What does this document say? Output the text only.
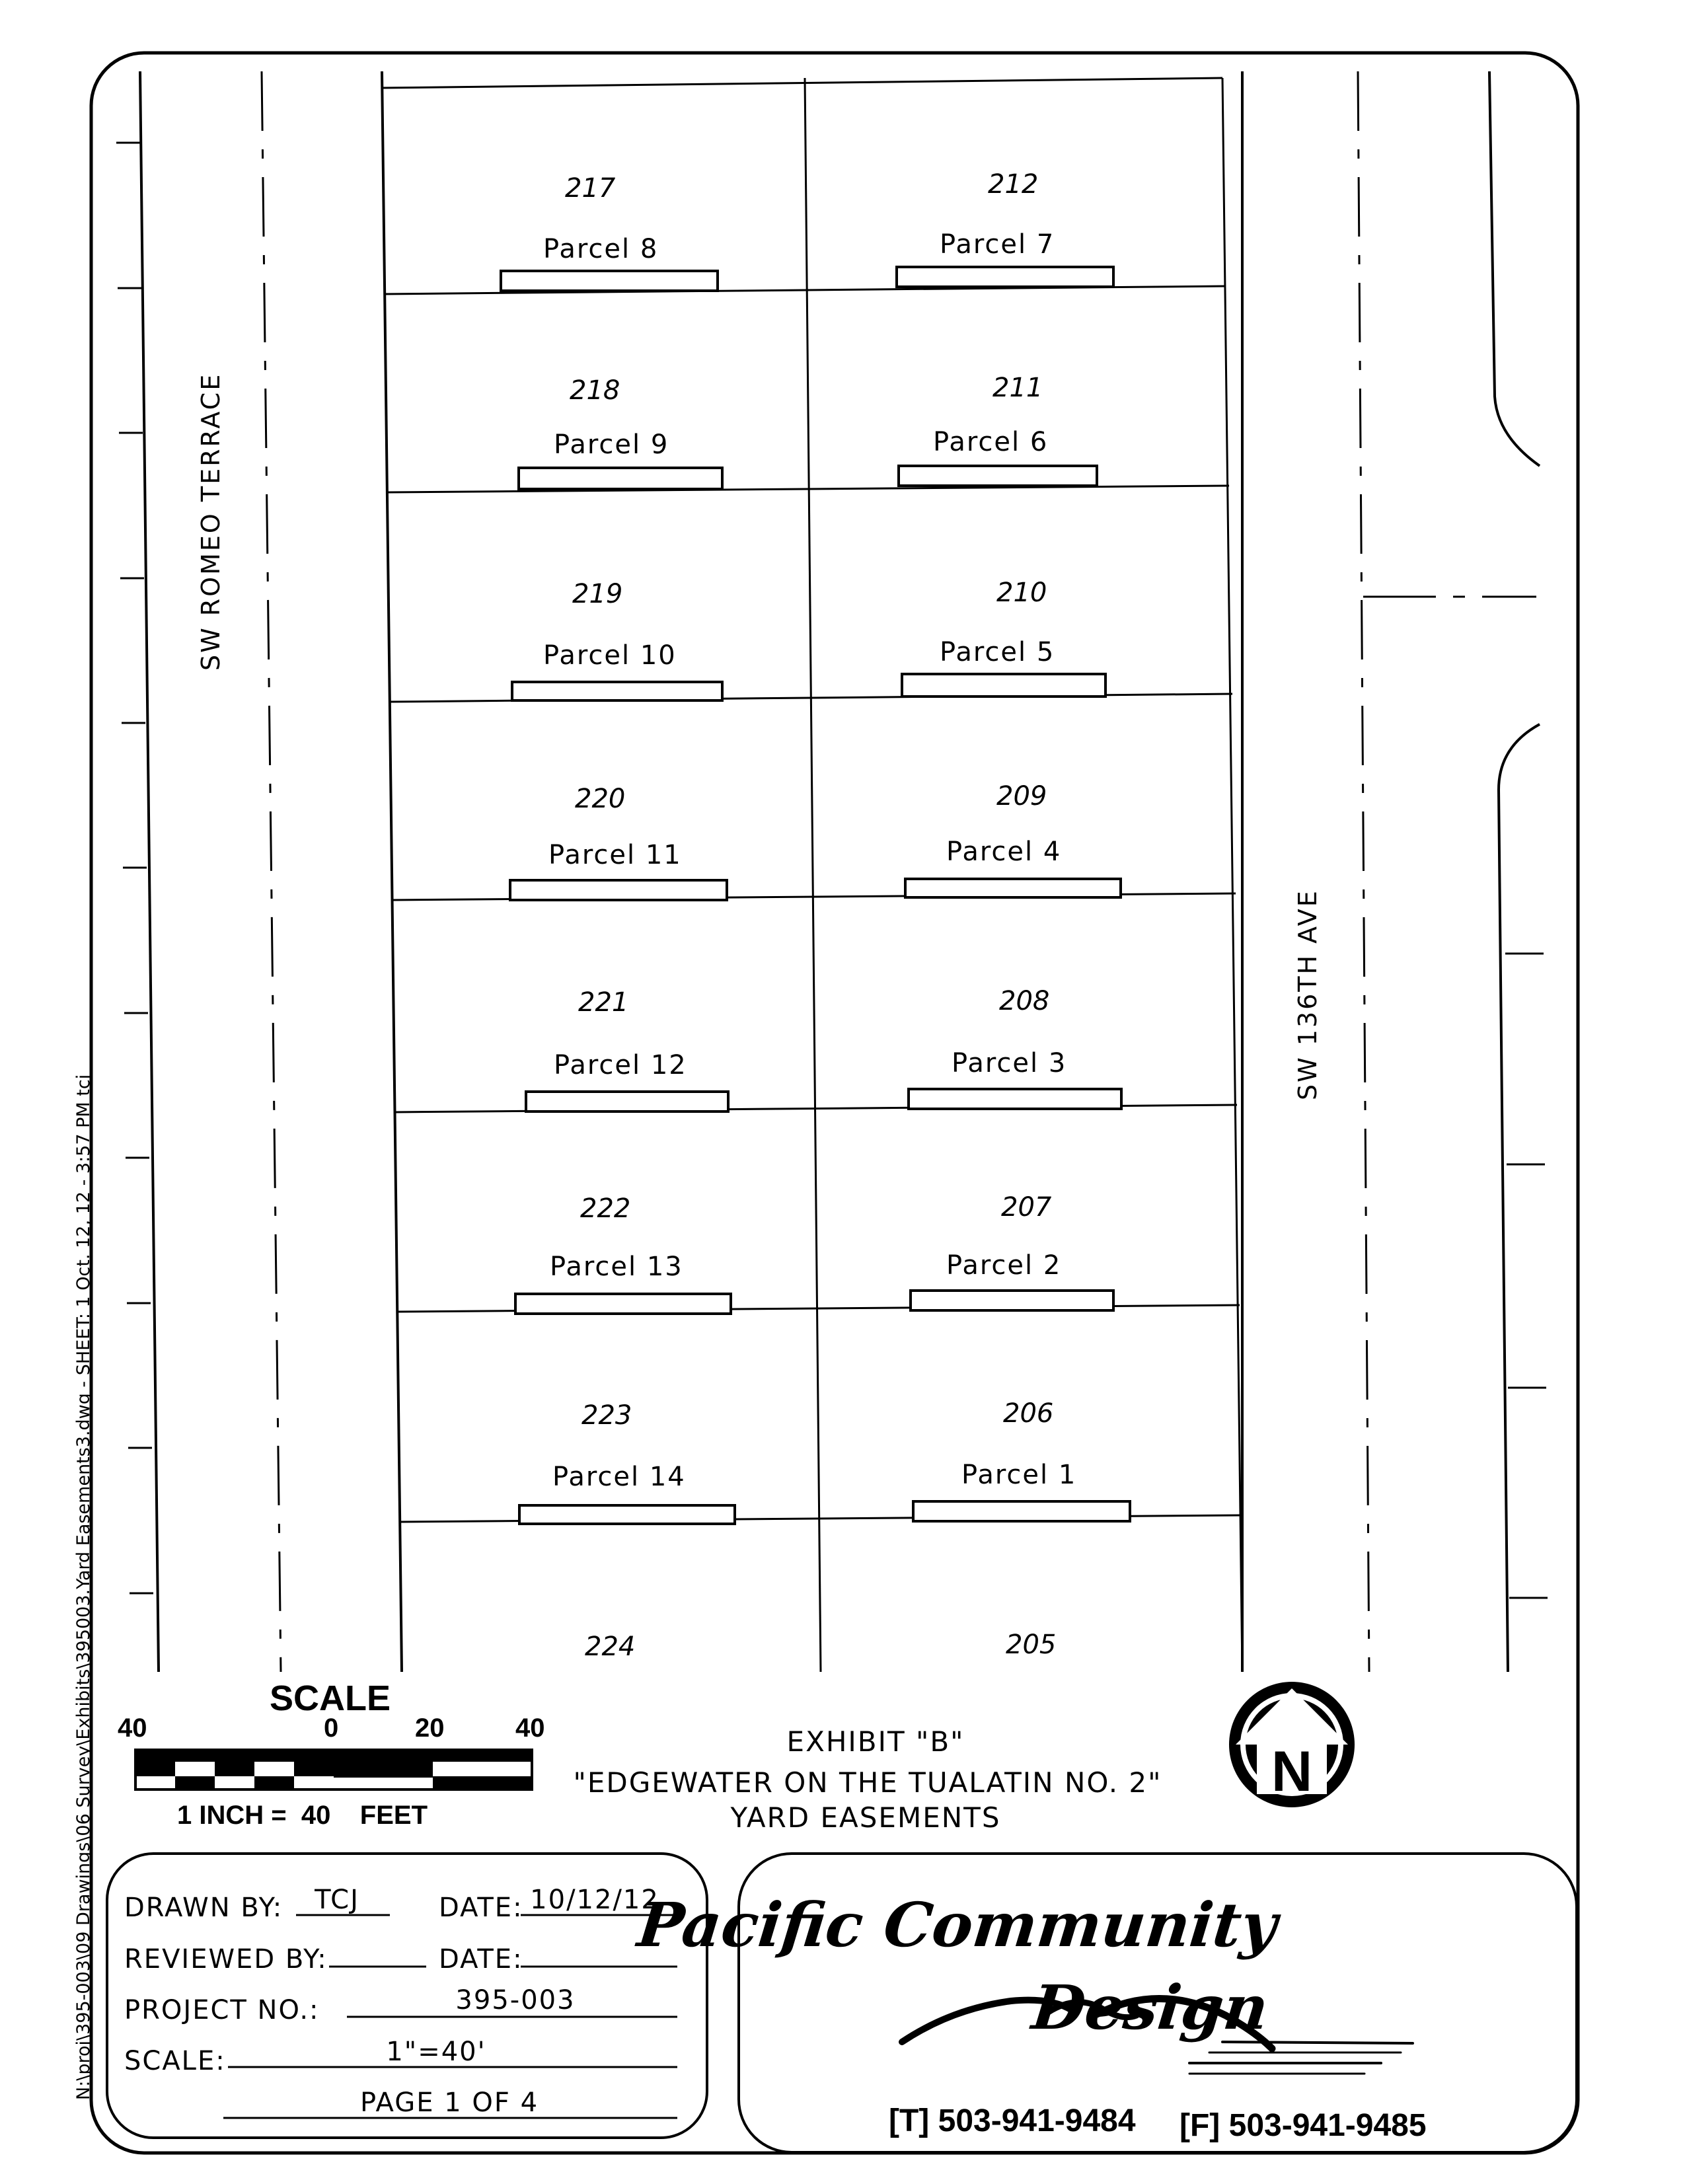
N:\proj\395-003\09 Drawings\06 Survey\Exhibits\395003.Yard Easements3.dwg - SHEET: 1 Oct. 12, 12 - 3:57 PM tcj
SW ROMEO TERRACE
SW 136TH AVE
217
Parcel 8
218
Parcel 9
219
Parcel 10
220
Parcel 11
221
Parcel 12
222
Parcel 13
223
Parcel 14
224
212
Parcel 7
211
Parcel 6
210
Parcel 5
209
Parcel 4
208
Parcel 3
207
Parcel 2
206
Parcel 1
205
SCALE
40	0	20	40
1 INCH =  40    FEET
EXHIBIT "B"
"EDGEWATER ON THE TUALATIN NO. 2"
YARD EASEMENTS
N
DRAWN BY: TCJ	DATE: 10/12/12
REVIEWED BY:	DATE:
PROJECT NO.:	395-003
SCALE:	1"=40'
PAGE 1 OF 4
Pacific Community
Design
[T] 503-941-9484 [F] 503-941-9485
